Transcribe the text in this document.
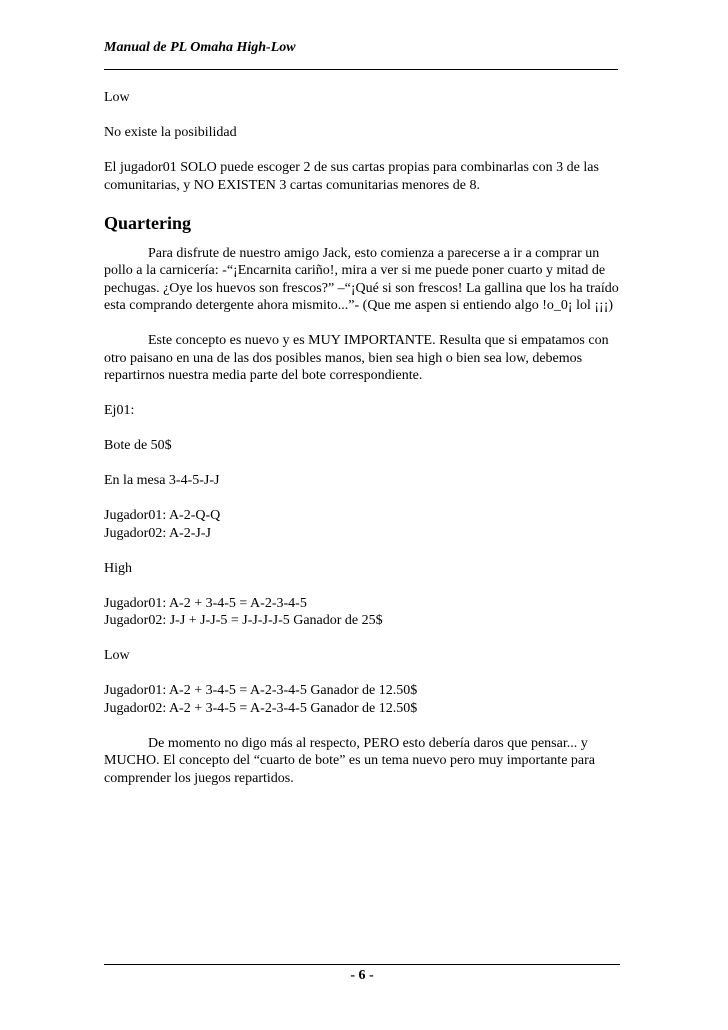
Manual de PL Omaha High-Low

Low

No existe la posibilidad

El jugador01 SOLO puede escoger 2 de sus cartas propias para combinarlas con 3 de las comunitarias, y NO EXISTEN 3 cartas comunitarias menores de 8.

Quartering

Para disfrute de nuestro amigo Jack, esto comienza a parecerse a ir a comprar un pollo a la carnicería: -“¡Encarnita cariño!, mira a ver si me puede poner cuarto y mitad de pechugas. ¿Oye los huevos son frescos?” –“¡Qué si son frescos! La gallina que los ha traído esta comprando detergente ahora mismito...”- (Que me aspen si entiendo algo !o_0¡ lol ¡¡¡)

Este concepto es nuevo y es MUY IMPORTANTE. Resulta que si empatamos con otro paisano en una de las dos posibles manos, bien sea high o bien sea low, debemos repartirnos nuestra media parte del bote correspondiente.

Ej01:

Bote de 50$

En la mesa 3-4-5-J-J

Jugador01: A-2-Q-Q

Jugador02: A-2-J-J

High

Jugador01: A-2 + 3-4-5 = A-2-3-4-5

Jugador02: J-J + J-J-5 = J-J-J-J-5 Ganador de 25$

Low

Jugador01: A-2 + 3-4-5 = A-2-3-4-5 Ganador de 12.50$

Jugador02: A-2 + 3-4-5 = A-2-3-4-5 Ganador de 12.50$

De momento no digo más al respecto, PERO esto debería daros que pensar... y MUCHO. El concepto del “cuarto de bote” es un tema nuevo pero muy importante para comprender los juegos repartidos.

- 6 -
